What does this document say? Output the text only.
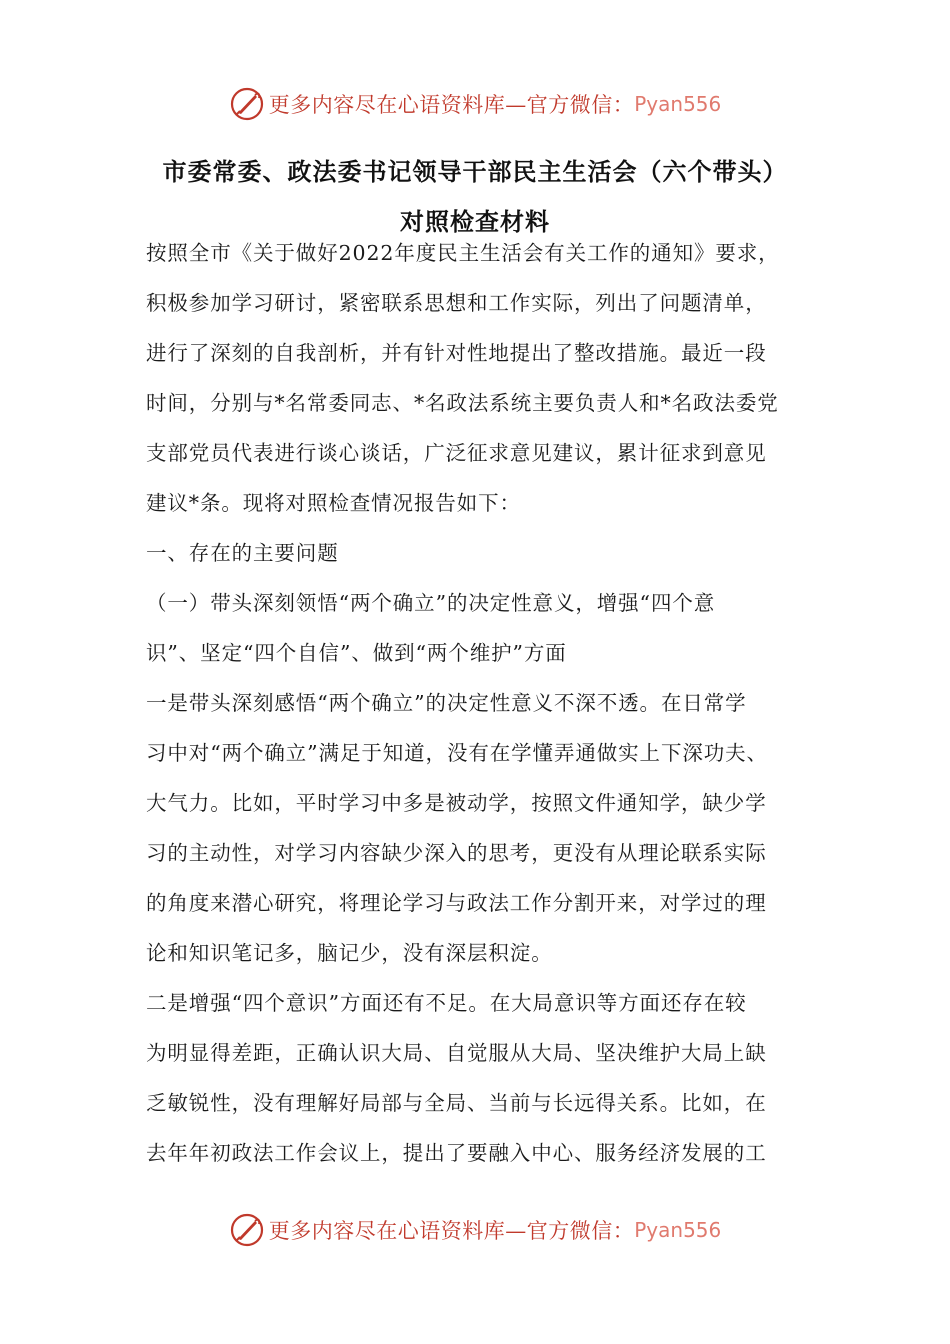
更多内容尽在心语资料库—官方微信： Pyan556
市委常委、政法委书记领导干部民主生活会（六个带头）
对照检查材料
按照全市《关于做好2022年度民主生活会有关工作的通知》要求，
积极参加学习研讨，紧密联系思想和工作实际，列出了问题清单，
进行了深刻的自我剖析，并有针对性地提出了整改措施。最近一段
时间，分别与*名常委同志、*名政法系统主要负责人和*名政法委党
支部党员代表进行谈心谈话，广泛征求意见建议，累计征求到意见
建议*条。现将对照检查情况报告如下：
一、存在的主要问题
（一）带头深刻领悟“两个确立”的决定性意义，增强“四个意
识”、坚定“四个自信”、做到“两个维护”方面
一是带头深刻感悟“两个确立”的决定性意义不深不透。在日常学
习中对“两个确立”满足于知道，没有在学懂弄通做实上下深功夫、
大气力。比如，平时学习中多是被动学，按照文件通知学，缺少学
习的主动性，对学习内容缺少深入的思考，更没有从理论联系实际
的角度来潜心研究，将理论学习与政法工作分割开来，对学过的理
论和知识笔记多，脑记少，没有深层积淀。
二是增强“四个意识”方面还有不足。在大局意识等方面还存在较
为明显得差距，正确认识大局、自觉服从大局、坚决维护大局上缺
乏敏锐性，没有理解好局部与全局、当前与长远得关系。比如，在
去年年初政法工作会议上，提出了要融入中心、服务经济发展的工
更多内容尽在心语资料库—官方微信： Pyan556
